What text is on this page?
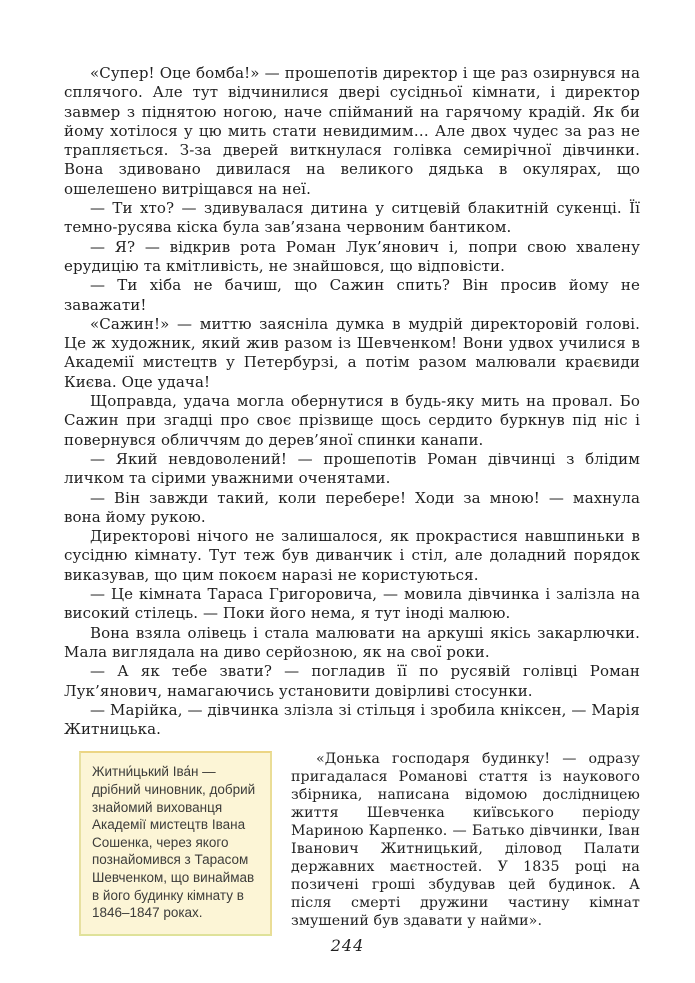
«Супер! Оце бомба!» — прошепотів директор і ще раз озирнувся на сплячого. Але тут відчинилися двері сусідньої кімнати, і директор завмер з піднятою ногою, наче спійманий на гарячому крадій. Як би йому хотілося у цю мить стати невидимим… Але двох чудес за раз не трапляється. З-за дверей виткнулася голівка семирічної дівчинки. Вона здивовано дивилася на великого дядька в окулярах, що ошелешено витріщався на неї.

— Ти хто? — здивувалася дитина у ситцевій блакитній сукенці. Її темно-русява кіска була зав’язана червоним бантиком.

— Я? — відкрив рота Роман Лук’янович і, попри свою хвалену ерудицію та кмітливість, не знайшовся, що відповісти.

— Ти хіба не бачиш, що Сажин спить? Він просив йому не заважати!

«Сажин!» — миттю заясніла думка в мудрій директоровій голові. Це ж художник, який жив разом із Шевченком! Вони удвох училися в Академії мистецтв у Петербурзі, а потім разом малювали краєвиди Києва. Оце удача!

Щоправда, удача могла обернутися в будь-яку мить на провал. Бо Сажин при згадці про своє прізвище щось сердито буркнув під ніс і повернувся обличчям до дерев’яної спинки канапи.

— Який невдоволений! — прошепотів Роман дівчинці з блідим личком та сірими уважними оченятами.

— Він завжди такий, коли перебере! Ходи за мною! — махнула вона йому рукою.

Директорові нічого не залишалося, як прокрастися навшпиньки в сусідню кімнату. Тут теж був диванчик і стіл, але доладний порядок виказував, що цим покоєм наразі не користуються.

— Це кімната Тараса Григоровича, — мовила дівчинка і залізла на високий стілець. — Поки його нема, я тут іноді малюю.

Вона взяла олівець і стала малювати на аркуші якісь закарлючки. Мала виглядала на диво серйозною, як на свої роки.

— А як тебе звати? — погладив її по русявій голівці Роман Лук’янович, намагаючись установити довірливі стосунки.

— Марійка, — дівчинка злізла зі стільця і зробила кніксен, — Марія Житницька.

Житни́цький Іва́н — дрібний чиновник, добрий знайомий вихованця Академії мистецтв Івана Сошенка, через якого познайомився з Тарасом Шевченком, що винаймав в його будинку кімнату в 1846–1847 роках.

«Донька господаря будинку! — одразу пригадалася Романові стаття із наукового збірника, написана відомою дослідницею життя Шевченка київського періоду Мариною Карпенко. — Батько дівчинки, Іван Іванович Житницький, діловод Палати державних маєтностей. У 1835 році на позичені гроші збудував цей будинок. А після смерті дружини частину кімнат змушений був здавати у найми».

244
